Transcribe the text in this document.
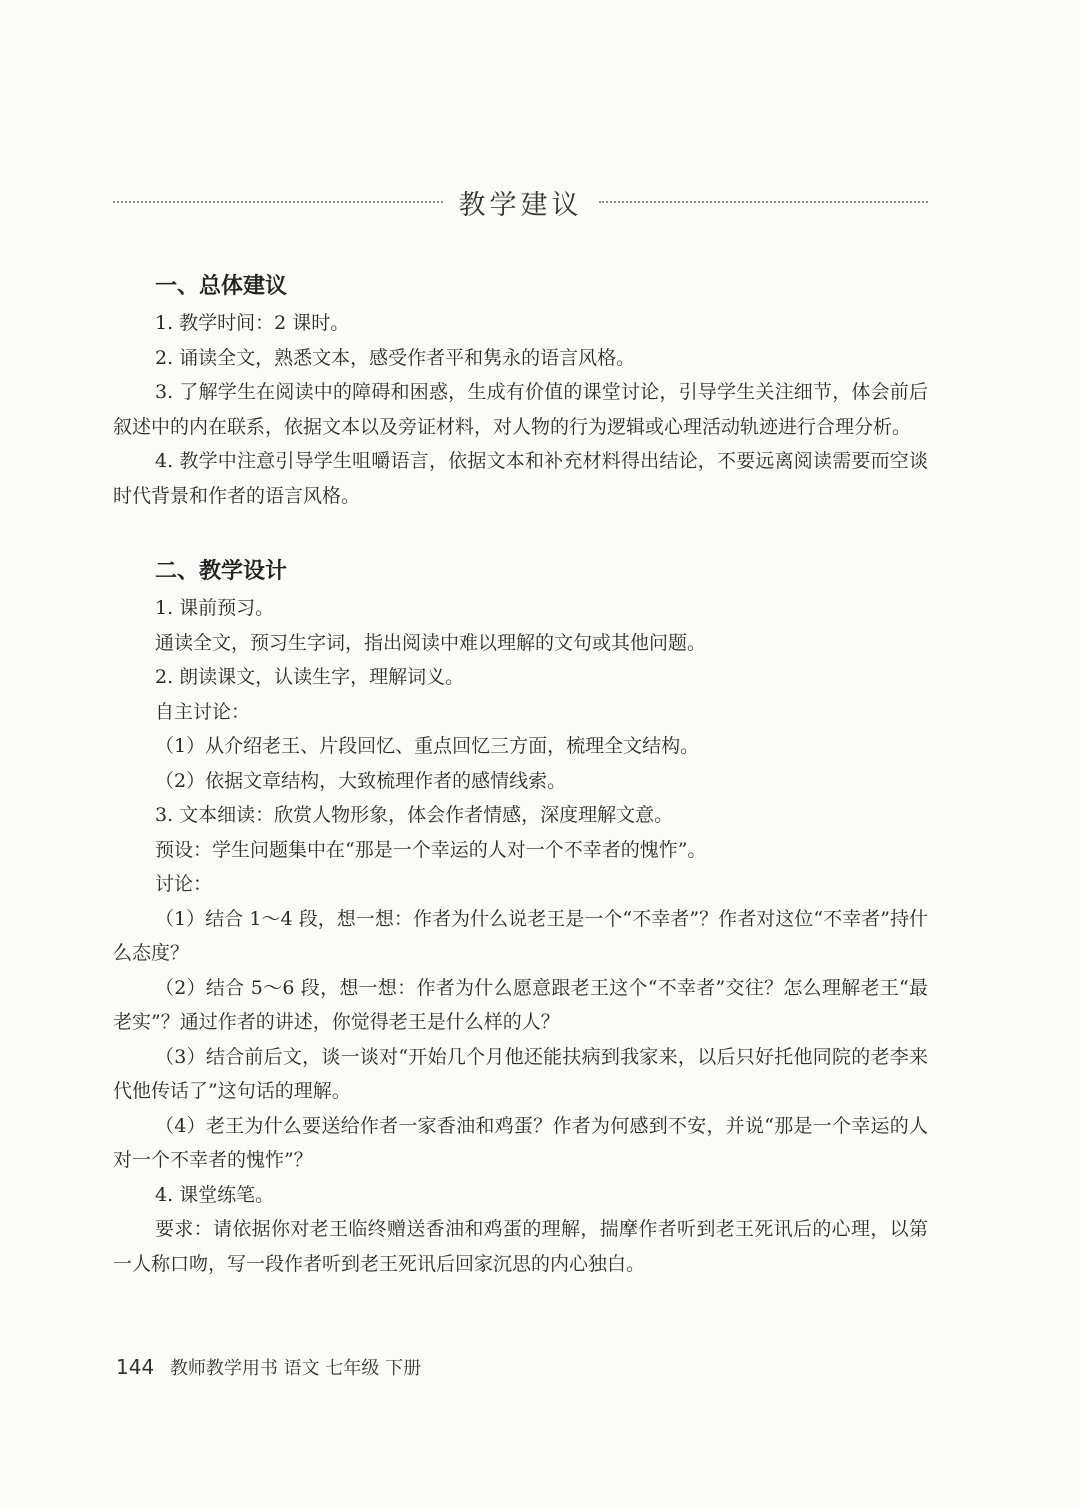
教学建议
一、总体建议

1. 教学时间：2 课时。

2. 诵读全文，熟悉文本，感受作者平和隽永的语言风格。

3. 了解学生在阅读中的障碍和困惑，生成有价值的课堂讨论，引导学生关注细节，体会前后叙述中的内在联系，依据文本以及旁证材料，对人物的行为逻辑或心理活动轨迹进行合理分析。

4. 教学中注意引导学生咀嚼语言，依据文本和补充材料得出结论，不要远离阅读需要而空谈时代背景和作者的语言风格。

二、教学设计

1. 课前预习。

通读全文，预习生字词，指出阅读中难以理解的文句或其他问题。

2. 朗读课文，认读生字，理解词义。

自主讨论：

（1）从介绍老王、片段回忆、重点回忆三方面，梳理全文结构。

（2）依据文章结构，大致梳理作者的感情线索。

3. 文本细读：欣赏人物形象，体会作者情感，深度理解文意。

预设：学生问题集中在“那是一个幸运的人对一个不幸者的愧怍”。

讨论：

（1）结合 1～4 段，想一想：作者为什么说老王是一个“不幸者”？作者对这位“不幸者”持什么态度？

（2）结合 5～6 段，想一想：作者为什么愿意跟老王这个“不幸者”交往？怎么理解老王“最老实”？通过作者的讲述，你觉得老王是什么样的人？

（3）结合前后文，谈一谈对“开始几个月他还能扶病到我家来，以后只好托他同院的老李来代他传话了”这句话的理解。

（4）老王为什么要送给作者一家香油和鸡蛋？作者为何感到不安，并说“那是一个幸运的人对一个不幸者的愧怍”？

4. 课堂练笔。

要求：请依据你对老王临终赠送香油和鸡蛋的理解，揣摩作者听到老王死讯后的心理，以第一人称口吻，写一段作者听到老王死讯后回家沉思的内心独白。

144 教师教学用书 语文 七年级 下册
